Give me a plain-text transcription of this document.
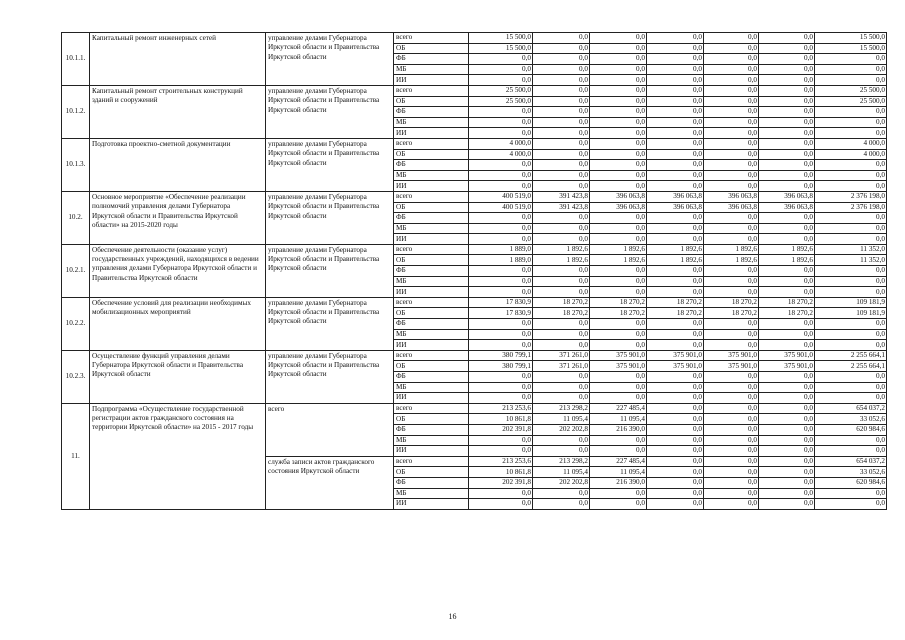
10.1.1.	Капитальный ремонт инженерных сетей	управление делами Губернатора Иркутской области и Правительства Иркутской области	всего	15 500,0	0,0	0,0	0,0	0,0	0,0	15 500,0
			ОБ	15 500,0	0,0	0,0	0,0	0,0	0,0	15 500,0
			ФБ	0,0	0,0	0,0	0,0	0,0	0,0	0,0
			МБ	0,0	0,0	0,0	0,0	0,0	0,0	0,0
			ИИ	0,0	0,0	0,0	0,0	0,0	0,0	0,0
10.1.2.	Капитальный ремонт строительных конструкций зданий и сооружений	управление делами Губернатора Иркутской области и Правительства Иркутской области	всего	25 500,0	0,0	0,0	0,0	0,0	0,0	25 500,0
			ОБ	25 500,0	0,0	0,0	0,0	0,0	0,0	25 500,0
			ФБ	0,0	0,0	0,0	0,0	0,0	0,0	0,0
			МБ	0,0	0,0	0,0	0,0	0,0	0,0	0,0
			ИИ	0,0	0,0	0,0	0,0	0,0	0,0	0,0
10.1.3.	Подготовка проектно-сметной документации	управление делами Губернатора Иркутской области и Правительства Иркутской области	всего	4 000,0	0,0	0,0	0,0	0,0	0,0	4 000,0
			ОБ	4 000,0	0,0	0,0	0,0	0,0	0,0	4 000,0
			ФБ	0,0	0,0	0,0	0,0	0,0	0,0	0,0
			МБ	0,0	0,0	0,0	0,0	0,0	0,0	0,0
			ИИ	0,0	0,0	0,0	0,0	0,0	0,0	0,0
10.2.	Основное мероприятие «Обеспечение реализации полномочий управления делами Губернатора Иркутской области и Правительства Иркутской области» на 2015-2020 годы	управление делами Губернатора Иркутской области и Правительства Иркутской области	всего	400 519,0	391 423,8	396 063,8	396 063,8	396 063,8	396 063,8	2 376 198,0
			ОБ	400 519,0	391 423,8	396 063,8	396 063,8	396 063,8	396 063,8	2 376 198,0
			ФБ	0,0	0,0	0,0	0,0	0,0	0,0	0,0
			МБ	0,0	0,0	0,0	0,0	0,0	0,0	0,0
			ИИ	0,0	0,0	0,0	0,0	0,0	0,0	0,0
10.2.1.	Обеспечение деятельности (оказание услуг) государственных учреждений, находящихся в ведении управления делами Губернатора Иркутской области и Правительства Иркутской области	управление делами Губернатора Иркутской области и Правительства Иркутской области	всего	1 889,0	1 892,6	1 892,6	1 892,6	1 892,6	1 892,6	11 352,0
			ОБ	1 889,0	1 892,6	1 892,6	1 892,6	1 892,6	1 892,6	11 352,0
			ФБ	0,0	0,0	0,0	0,0	0,0	0,0	0,0
			МБ	0,0	0,0	0,0	0,0	0,0	0,0	0,0
			ИИ	0,0	0,0	0,0	0,0	0,0	0,0	0,0
10.2.2.	Обеспечение условий для реализации необходимых мобилизационных мероприятий	управление делами Губернатора Иркутской области и Правительства Иркутской области	всего	17 830,9	18 270,2	18 270,2	18 270,2	18 270,2	18 270,2	109 181,9
			ОБ	17 830,9	18 270,2	18 270,2	18 270,2	18 270,2	18 270,2	109 181,9
			ФБ	0,0	0,0	0,0	0,0	0,0	0,0	0,0
			МБ	0,0	0,0	0,0	0,0	0,0	0,0	0,0
			ИИ	0,0	0,0	0,0	0,0	0,0	0,0	0,0
10.2.3.	Осуществление функций управления делами Губернатора Иркутской области и Правительства Иркутской области	управление делами Губернатора Иркутской области и Правительства Иркутской области	всего	380 799,1	371 261,0	375 901,0	375 901,0	375 901,0	375 901,0	2 255 664,1
			ОБ	380 799,1	371 261,0	375 901,0	375 901,0	375 901,0	375 901,0	2 255 664,1
			ФБ	0,0	0,0	0,0	0,0	0,0	0,0	0,0
			МБ	0,0	0,0	0,0	0,0	0,0	0,0	0,0
			ИИ	0,0	0,0	0,0	0,0	0,0	0,0	0,0
11.	Подпрограмма «Осуществление государственной регистрации актов гражданского состояния на территории Иркутской области» на 2015 - 2017 годы	всего	всего	213 253,6	213 298,2	227 485,4	0,0	0,0	0,0	654 037,2
			ОБ	10 861,8	11 095,4	11 095,4	0,0	0,0	0,0	33 052,6
			ФБ	202 391,8	202 202,8	216 390,0	0,0	0,0	0,0	620 984,6
			МБ	0,0	0,0	0,0	0,0	0,0	0,0	0,0
			ИИ	0,0	0,0	0,0	0,0	0,0	0,0	0,0
		служба записи актов гражданского состояния Иркутской области	всего	213 253,6	213 298,2	227 485,4	0,0	0,0	0,0	654 037,2
			ОБ	10 861,8	11 095,4	11 095,4	0,0	0,0	0,0	33 052,6
			ФБ	202 391,8	202 202,8	216 390,0	0,0	0,0	0,0	620 984,6
			МБ	0,0	0,0	0,0	0,0	0,0	0,0	0,0
			ИИ	0,0	0,0	0,0	0,0	0,0	0,0	0,0
16
